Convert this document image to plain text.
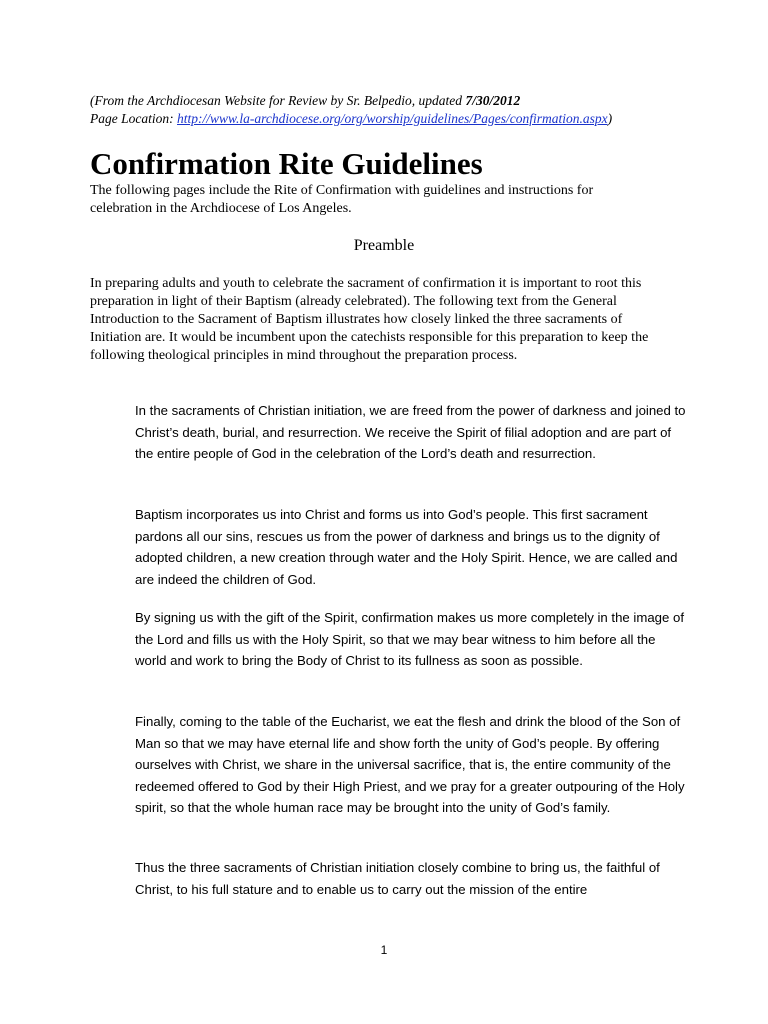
(From the Archdiocesan Website for Review by Sr. Belpedio, updated 7/30/2012
Page Location: http://www.la-archdiocese.org/org/worship/guidelines/Pages/confirmation.aspx)
Confirmation Rite Guidelines
The following pages include the Rite of Confirmation with guidelines and instructions for celebration in the Archdiocese of Los Angeles.
Preamble
In preparing adults and youth to celebrate the sacrament of confirmation it is important to root this preparation in light of their Baptism (already celebrated). The following text from the General Introduction to the Sacrament of Baptism illustrates how closely linked the three sacraments of Initiation are. It would be incumbent upon the catechists responsible for this preparation to keep the following theological principles in mind throughout the preparation process.
In the sacraments of Christian initiation, we are freed from the power of darkness and joined to Christ’s death, burial, and resurrection. We receive the Spirit of filial adoption and are part of the entire people of God in the celebration of the Lord’s death and resurrection.
Baptism incorporates us into Christ and forms us into God’s people. This first sacrament pardons all our sins, rescues us from the power of darkness and brings us to the dignity of adopted children, a new creation through water and the Holy Spirit. Hence, we are called and are indeed the children of God.
By signing us with the gift of the Spirit, confirmation makes us more completely in the image of the Lord and fills us with the Holy Spirit, so that we may bear witness to him before all the world and work to bring the Body of Christ to its fullness as soon as possible.
Finally, coming to the table of the Eucharist, we eat the flesh and drink the blood of the Son of Man so that we may have eternal life and show forth the unity of God’s people. By offering ourselves with Christ, we share in the universal sacrifice, that is, the entire community of the redeemed offered to God by their High Priest, and we pray for a greater outpouring of the Holy spirit, so that the whole human race may be brought into the unity of God’s family.
Thus the three sacraments of Christian initiation closely combine to bring us, the faithful of Christ, to his full stature and to enable us to carry out the mission of the entire
1
